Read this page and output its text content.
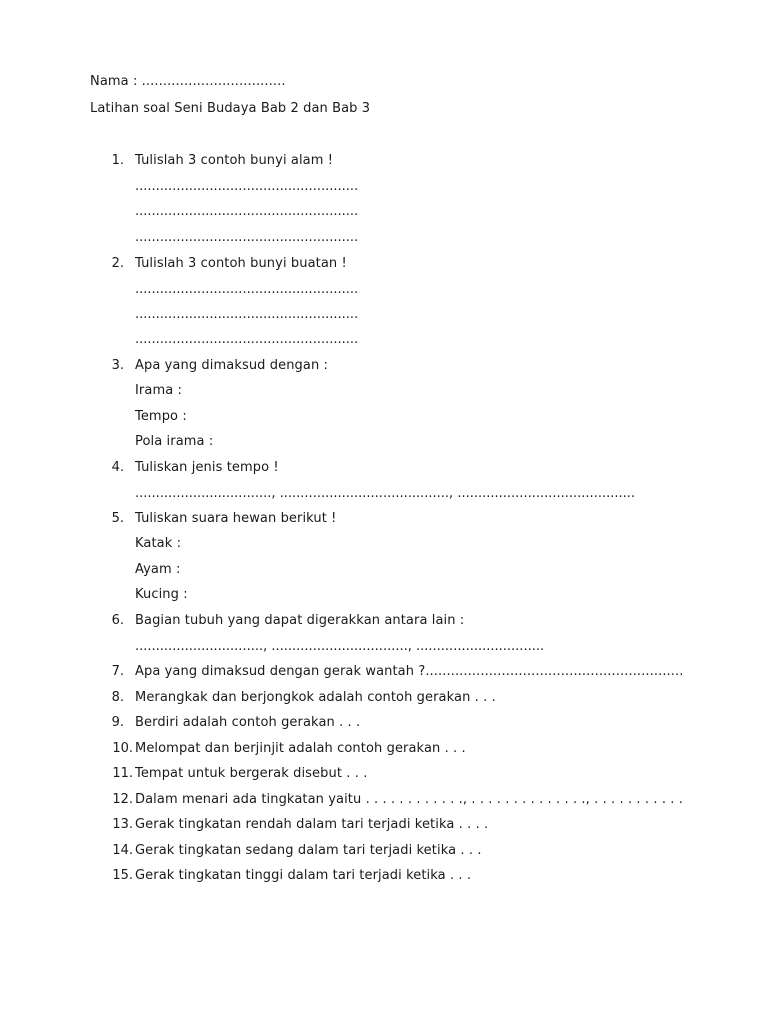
Nama : ..................................
Latihan soal Seni Budaya Bab 2 dan Bab 3
1. Tulislah 3 contoh bunyi alam !
......................................................
......................................................
......................................................
2. Tulislah 3 contoh bunyi buatan !
......................................................
......................................................
......................................................
3. Apa yang dimaksud dengan :
Irama :
Tempo :
Pola irama :
4. Tuliskan jenis tempo !
................................., ........................................., ...........................................
5. Tuliskan suara hewan berikut !
Katak :
Ayam :
Kucing :
6. Bagian tubuh yang dapat digerakkan antara lain :
..............................., ................................., ...............................
7. Apa yang dimaksud dengan gerak wantah ?.............................................................
8. Merangkak dan berjongkok adalah contoh gerakan . . .
9. Berdiri adalah contoh gerakan . . .
10. Melompat dan berjinjit adalah contoh gerakan . . .
11. Tempat untuk bergerak disebut . . .
12. Dalam menari ada tingkatan yaitu . . . . . . . . . . . ., . . . . . . . . . . . . . ., . . . . . . . . . . .
13. Gerak tingkatan rendah dalam tari terjadi ketika . . . .
14. Gerak tingkatan sedang dalam tari terjadi ketika . . .
15. Gerak tingkatan tinggi dalam tari terjadi ketika . . .
